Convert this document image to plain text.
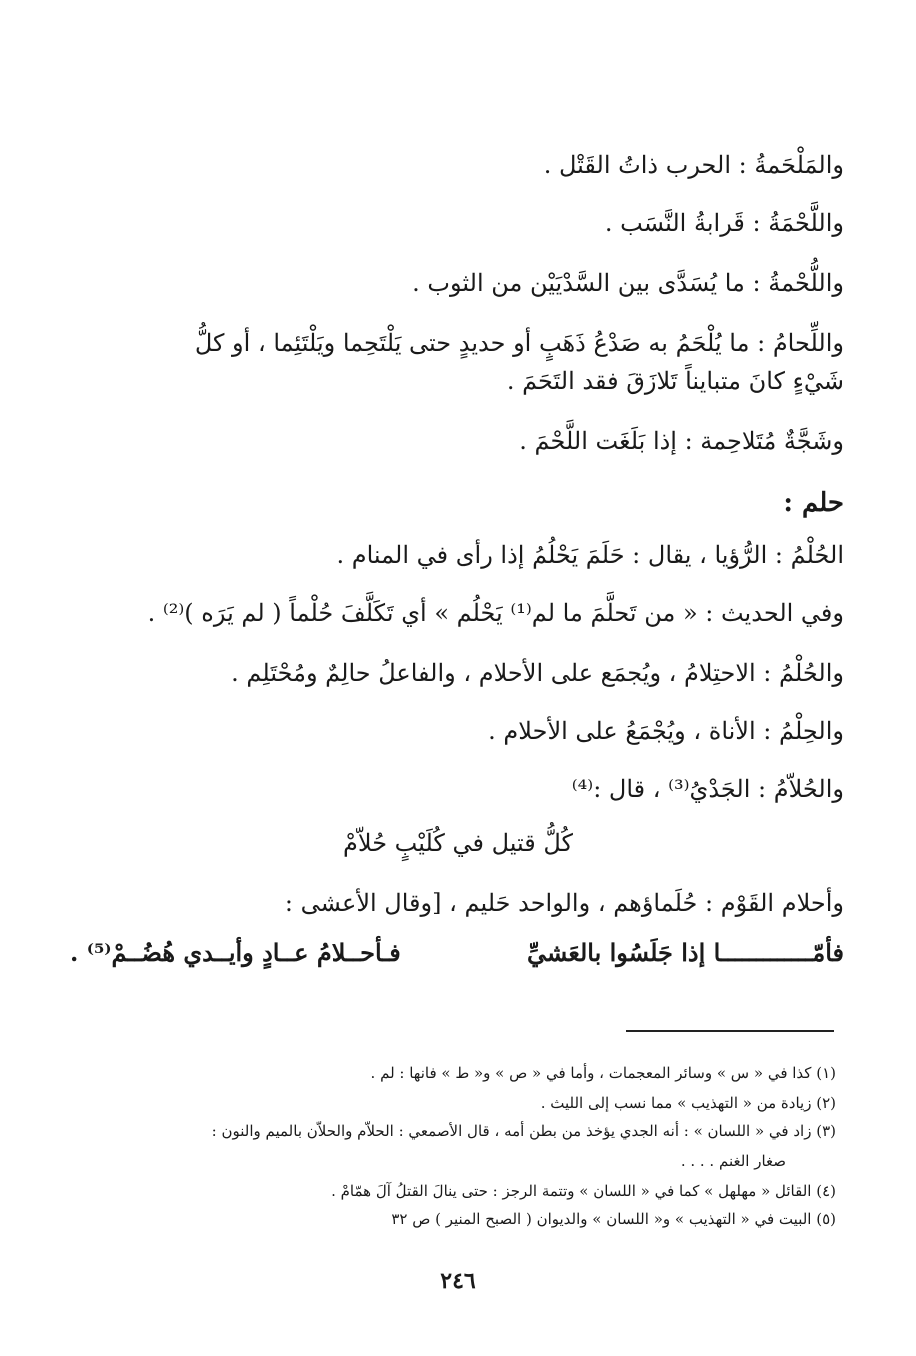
والمَلْحَمةُ : الحرب ذاتُ القَتْل .
واللَّحْمَةُ : قَرابةُ النَّسَب .
واللُّحْمةُ : ما يُسَدَّى بين السَّدْيَيْن من الثوب .
واللِّحامُ : ما يُلْحَمُ به صَدْعُ ذَهَبٍ أو حديدٍ حتى يَلْتَحِما ويَلْتَئِما ، أو كلُّ
شَيْءٍ كانَ متبايناً تَلازَقَ فقد التَحَمَ .
وشَجَّةٌ مُتَلاحِمة : إذا بَلَغَت اللَّحْمَ .
حلم :
الحُلْمُ : الرُّؤيا ، يقال : حَلَمَ يَحْلُمُ إذا رأى في المنام .
وفي الحديث : « من تَحلَّمَ ما لم⁽¹⁾ يَحْلُم » أي تَكَلَّفَ حُلْماً ( لم يَرَه )⁽²⁾ .
والحُلْمُ : الاحتِلامُ ، ويُجمَع على الأحلام ، والفاعلُ حالِمٌ ومُحْتَلِم .
والحِلْمُ : الأناة ، ويُجْمَعُ على الأحلام .
والحُلاّمُ : الجَدْيُ⁽³⁾ ، قال :⁽⁴⁾
كُلُّ قتيل في كُلَيْبٍ حُلاّمْ
وأحلام القَوْم : حُلَماؤهم ، والواحد حَليم ، [وقال الأعشى :
فأمّـــــــــــــا إذا جَلَسُوا بالعَشيِّ
فـأحــلامُ عــادٍ وأيــدي هُضُــمْ⁽⁵⁾ .
(١) كذا في « س » وسائر المعجمات ، وأما في « ص » و« ط » فانها : لم .
(٢) زيادة من « التهذيب » مما نسب إلى الليث .
(٣) زاد في « اللسان » : أنه الجدي يؤخذ من بطن أمه ، قال الأصمعي : الحلاّم والحلاّن بالميم والنون :
صغار الغنم . . . .
(٤) القائل « مهلهل » كما في « اللسان » وتتمة الرجز : حتى ينالَ القتلُ آلَ همّامْ .
(٥) البيت في « التهذيب » و« اللسان » والديوان ( الصبح المنير ) ص ٣٢
٢٤٦
